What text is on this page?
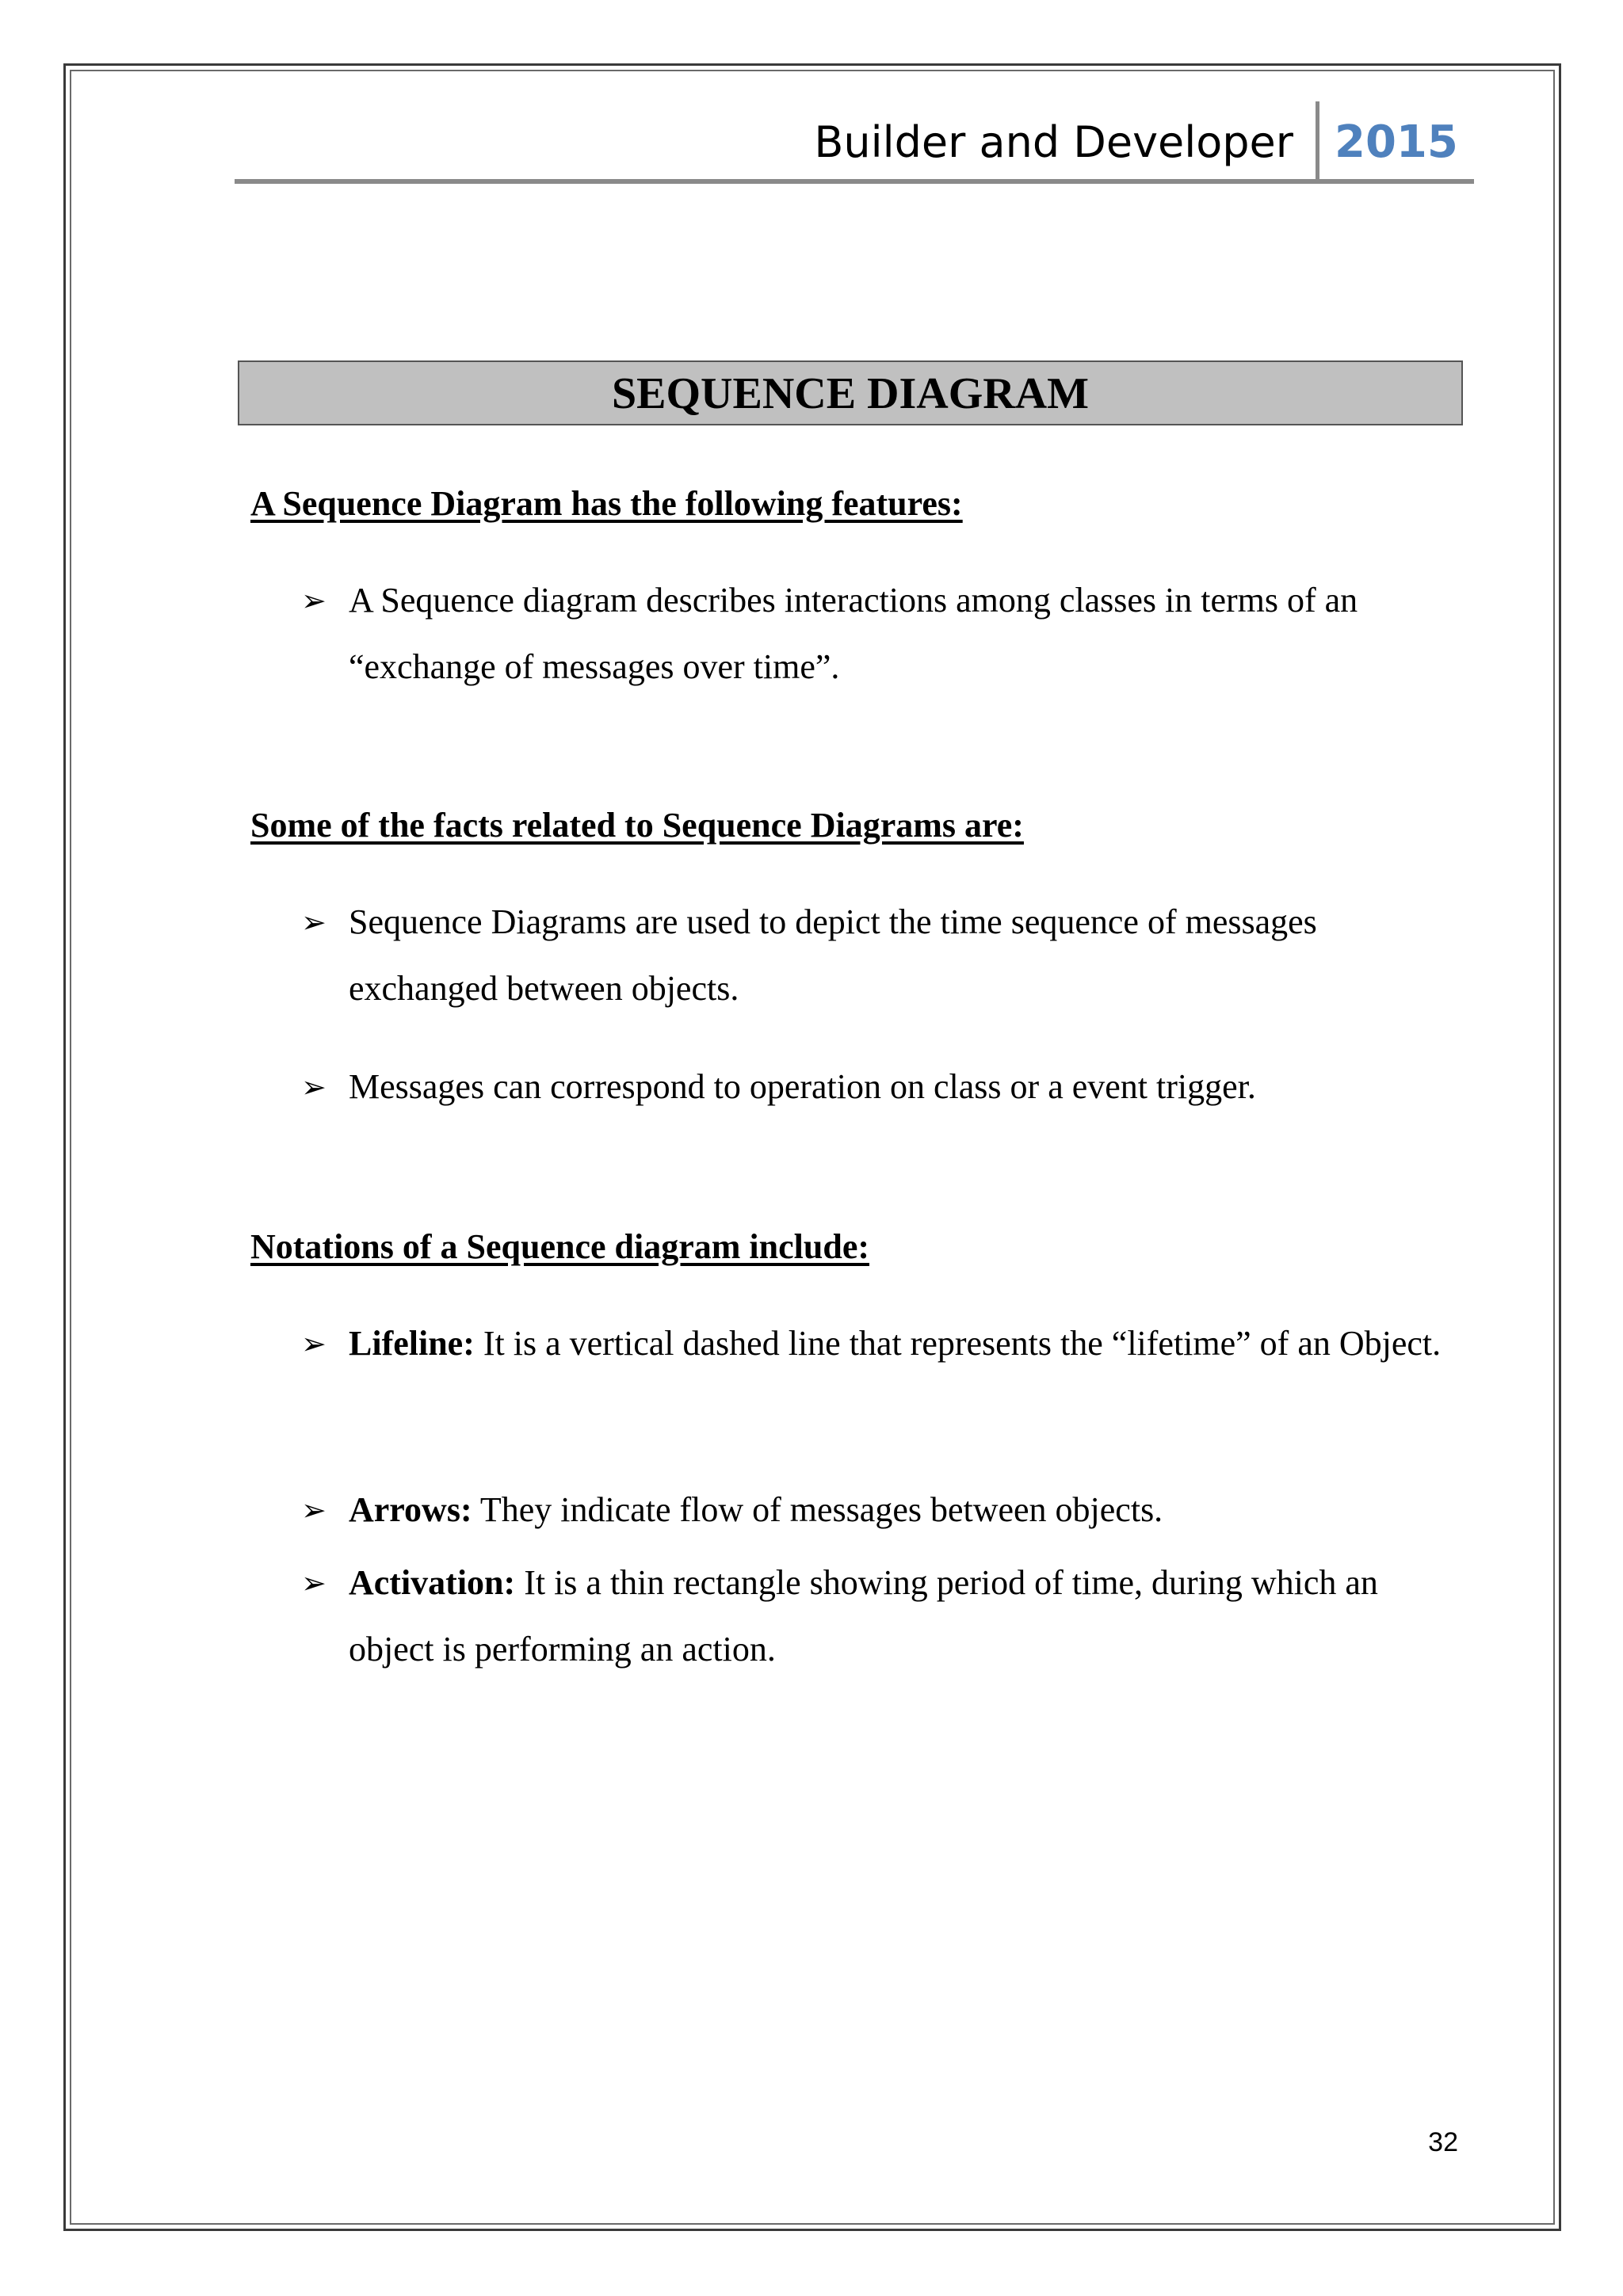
Builder and Developer 2015
SEQUENCE DIAGRAM
A Sequence Diagram has the following features:
➢ A Sequence diagram describes interactions among classes in terms of an “exchange of messages over time”.
Some of the facts related to Sequence Diagrams are:
➢ Sequence Diagrams are used to depict the time sequence of messages exchanged between objects.
➢ Messages can correspond to operation on class or a event trigger.
Notations of a Sequence diagram include:
➢ Lifeline: It is a vertical dashed line that represents the “lifetime” of an Object.
➢ Arrows: They indicate flow of messages between objects.
➢ Activation: It is a thin rectangle showing period of time, during which an object is performing an action.
32
